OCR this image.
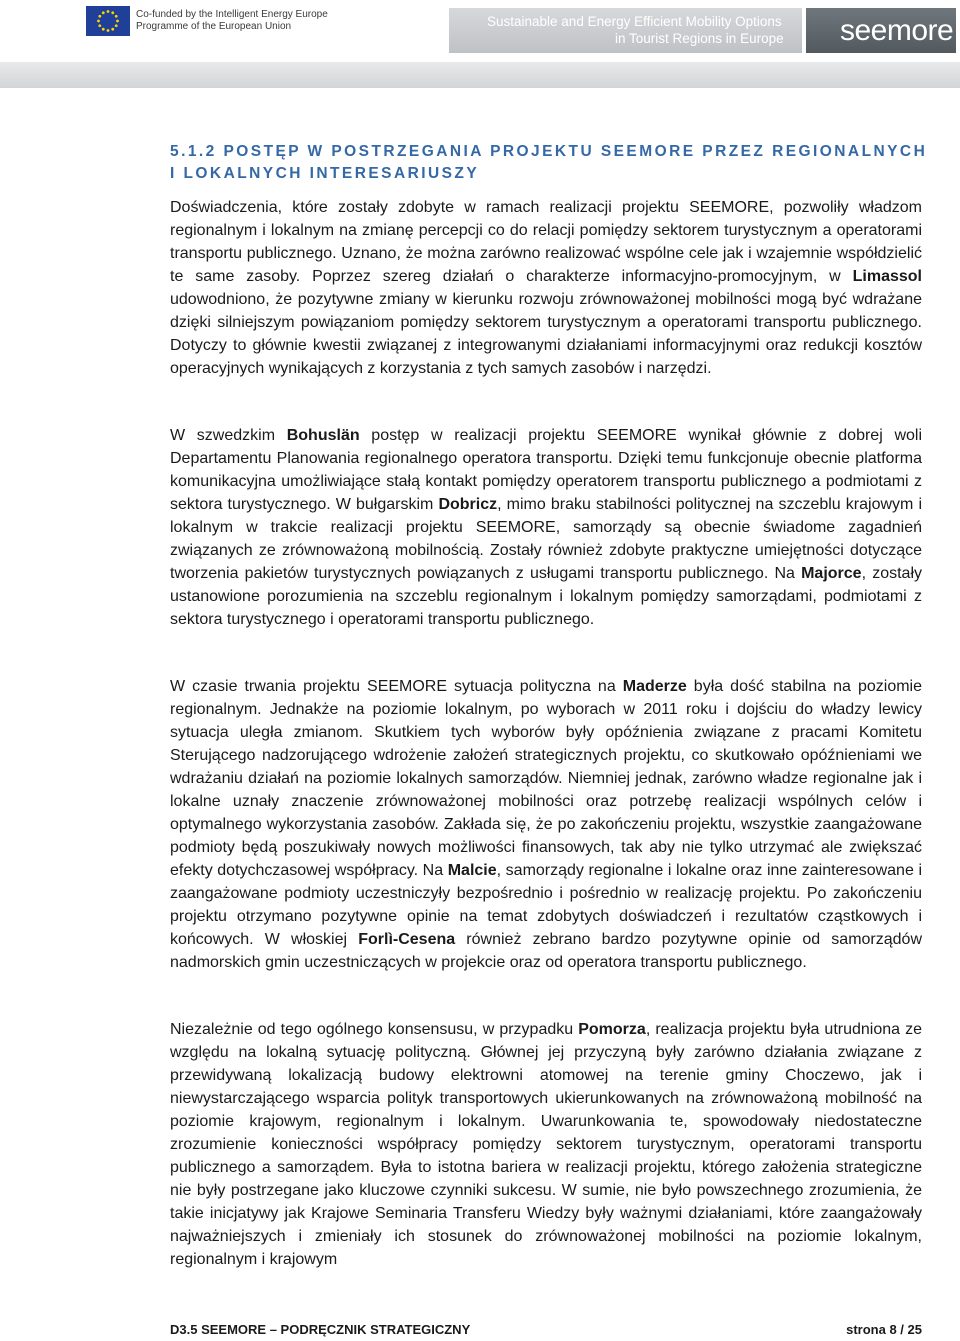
Co-funded by the Intelligent Energy Europe
Programme of the European Union	Sustainable and Energy Efficient Mobility Options
in Tourist Regions in Europe seemore
5.1.2 POSTĘP W POSTRZEGANIA PROJEKTU SEEMORE PRZEZ REGIONALNYCH
I LOKALNYCH INTERESARIUSZY

Doświadczenia, które zostały zdobyte w ramach realizacji projektu SEEMORE, pozwoliły władzom regionalnym i lokalnym na zmianę percepcji co do relacji pomiędzy sektorem turystycznym a operatorami transportu publicznego. Uznano, że można zarówno realizować wspólne cele jak i wzajemnie współdzielić te same zasoby. Poprzez szereg działań o charakterze informacyjno-promocyjnym, w Limassol udowodniono, że pozytywne zmiany w kierunku rozwoju zrównoważonej mobilności mogą być wdrażane dzięki silniejszym powiązaniom pomiędzy sektorem turystycznym a operatorami transportu publicznego. Dotyczy to głównie kwestii związanej z integrowanymi działaniami informacyjnymi oraz redukcji kosztów operacyjnych wynikających z korzystania z tych samych zasobów i narzędzi.

W szwedzkim Bohuslän postęp w realizacji projektu SEEMORE wynikał głównie z dobrej woli Departamentu Planowania regionalnego operatora transportu. Dzięki temu funkcjonuje obecnie platforma komunikacyjna umożliwiające stałą kontakt pomiędzy operatorem transportu publicznego a podmiotami z sektora turystycznego. W bułgarskim Dobricz, mimo braku stabilności politycznej na szczeblu krajowym i lokalnym w trakcie realizacji projektu SEEMORE, samorządy są obecnie świadome zagadnień związanych ze zrównoważoną mobilnością. Zostały również zdobyte praktyczne umiejętności dotyczące tworzenia pakietów turystycznych powiązanych z usługami transportu publicznego. Na Majorce, zostały ustanowione porozumienia na szczeblu regionalnym i lokalnym pomiędzy samorządami, podmiotami z sektora turystycznego i operatorami transportu publicznego.

W czasie trwania projektu SEEMORE sytuacja polityczna na Maderze była dość stabilna na poziomie regionalnym. Jednakże na poziomie lokalnym, po wyborach w 2011 roku i dojściu do władzy lewicy sytuacja uległa zmianom. Skutkiem tych wyborów były opóźnienia związane z pracami Komitetu Sterującego nadzorującego wdrożenie założeń strategicznych projektu, co skutkowało opóźnieniami we wdrażaniu działań na poziomie lokalnych samorządów. Niemniej jednak, zarówno władze regionalne jak i lokalne uznały znaczenie zrównoważonej mobilności oraz potrzebę realizacji wspólnych celów i optymalnego wykorzystania zasobów. Zakłada się, że po zakończeniu projektu, wszystkie zaangażowane podmioty będą poszukiwały nowych możliwości finansowych, tak aby nie tylko utrzymać ale zwiększać efekty dotychczasowej współpracy. Na Malcie, samorządy regionalne i lokalne oraz inne zainteresowane i zaangażowane podmioty uczestniczyły bezpośrednio i pośrednio w realizację projektu. Po zakończeniu projektu otrzymano pozytywne opinie na temat zdobytych doświadczeń i rezultatów cząstkowych i końcowych. W włoskiej Forlì-Cesena również zebrano bardzo pozytywne opinie od samorządów nadmorskich gmin uczestniczących w projekcie oraz od operatora transportu publicznego.

Niezależnie od tego ogólnego konsensusu, w przypadku Pomorza, realizacja projektu była utrudniona ze względu na lokalną sytuację polityczną. Głównej jej przyczyną były zarówno działania związane z przewidywaną lokalizacją budowy elektrowni atomowej na terenie gminy Choczewo, jak i niewystarczającego wsparcia polityk transportowych ukierunkowanych na zrównoważoną mobilność na poziomie krajowym, regionalnym i lokalnym. Uwarunkowania te, spowodowały niedostateczne zrozumienie konieczności współpracy pomiędzy sektorem turystycznym, operatorami transportu publicznego a samorządem. Była to istotna bariera w realizacji projektu, którego założenia strategiczne nie były postrzegane jako kluczowe czynniki sukcesu. W sumie, nie było powszechnego zrozumienia, że takie inicjatywy jak Krajowe Seminaria Transferu Wiedzy były ważnymi działaniami, które zaangażowały najważniejszych i zmieniały ich stosunek do zrównoważonej mobilności na poziomie lokalnym, regionalnym i krajowym

D3.5 SEEMORE – PODRĘCZNIK STRATEGICZNY	strona 8 / 25
